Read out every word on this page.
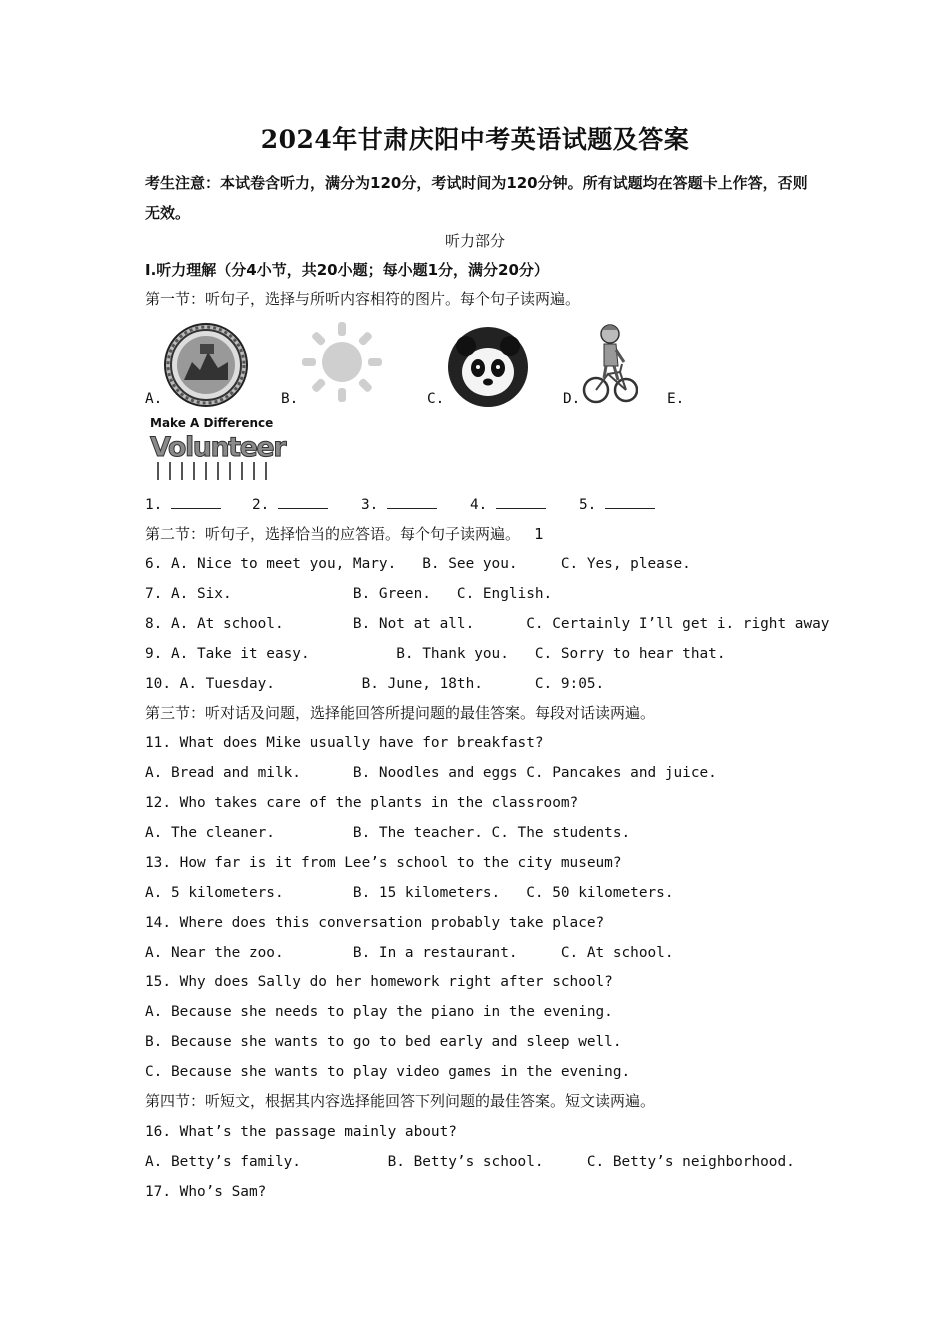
2024年甘肃庆阳中考英语试题及答案
考生注意：本试卷含听力，满分为120分，考试时间为120分钟。所有试题均在答题卡上作答，否则无效。
听力部分
Ⅰ.听力理解（分4小节，共20小题；每小题1分，满分20分）
第一节：听句子，选择与所听内容相符的图片。每个句子读两遍。
A.	B.	C.	D.	E.
Make A Difference
Volunteer
1.	2.	3.	4.	5.
第二节：听句子，选择恰当的应答语。每个句子读两遍。   1
6. A. Nice to meet you, Mary.   B. See you.     C. Yes, please.
7. A. Six.              B. Green.   C. English.
8. A. At school.        B. Not at all.      C. Certainly I’ll get i. right away
9. A. Take it easy.          B. Thank you.   C. Sorry to hear that.
10. A. Tuesday.          B. June, 18th.      C. 9:05.
第三节：听对话及问题，选择能回答所提问题的最佳答案。每段对话读两遍。
11. What does Mike usually have for breakfast?
A. Bread and milk.      B. Noodles and eggs C. Pancakes and juice.
12. Who takes care of the plants in the classroom?
A. The cleaner.         B. The teacher. C. The students.
13. How far is it from Lee’s school to the city museum?
A. 5 kilometers.        B. 15 kilometers.   C. 50 kilometers.
14. Where does this conversation probably take place?
A. Near the zoo.        B. In a restaurant.     C. At school.
15. Why does Sally do her homework right after school?
A. Because she needs to play the piano in the evening.
B. Because she wants to go to bed early and sleep well.
C. Because she wants to play video games in the evening.
第四节：听短文，根据其内容选择能回答下列问题的最佳答案。短文读两遍。
16. What’s the passage mainly about?
A. Betty’s family.          B. Betty’s school.     C. Betty’s neighborhood.
17. Who’s Sam?
